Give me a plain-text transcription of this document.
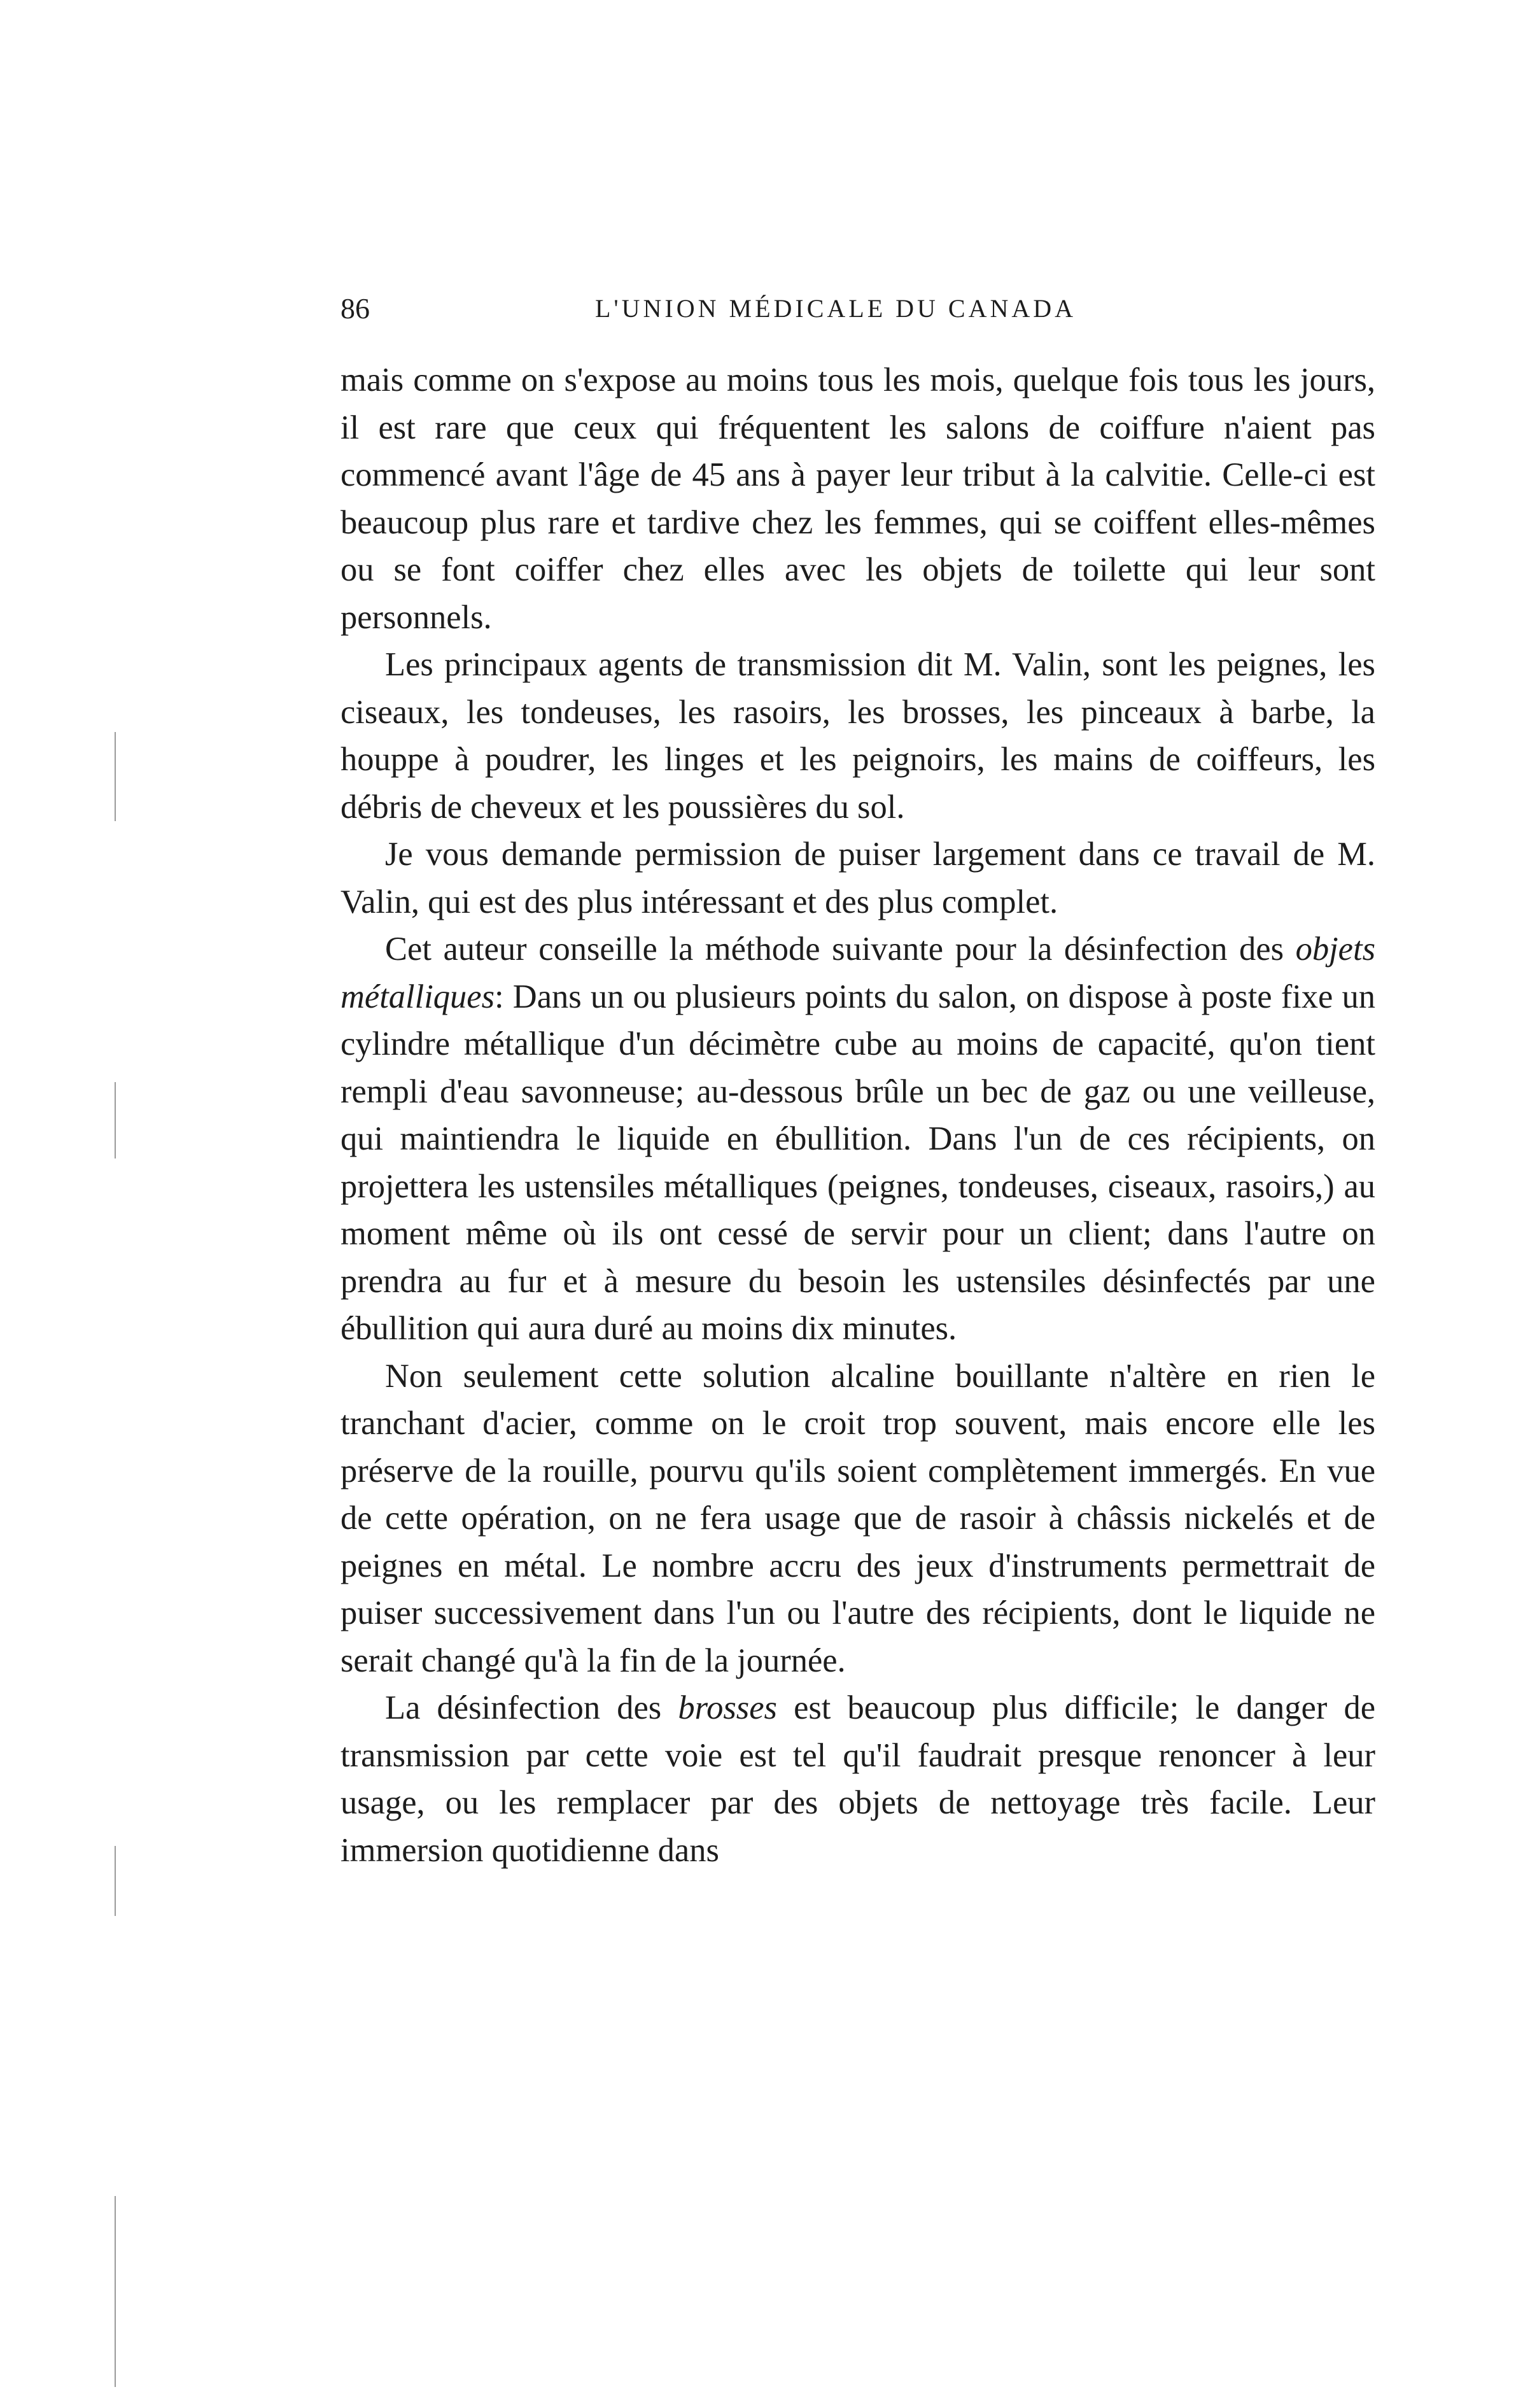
86	L'UNION MÉDICALE DU CANADA

mais comme on s'expose au moins tous les mois, quelque fois tous les jours, il est rare que ceux qui fréquentent les salons de coiffure n'aient pas commencé avant l'âge de 45 ans à payer leur tribut à la calvitie. Celle-ci est beaucoup plus rare et tardive chez les femmes, qui se coiffent elles-mêmes ou se font coiffer chez elles avec les objets de toilette qui leur sont personnels.

Les principaux agents de transmission dit M. Valin, sont les peignes, les ciseaux, les tondeuses, les rasoirs, les brosses, les pinceaux à barbe, la houppe à poudrer, les linges et les peignoirs, les mains de coiffeurs, les débris de cheveux et les poussières du sol.

Je vous demande permission de puiser largement dans ce travail de M. Valin, qui est des plus intéressant et des plus complet.

Cet auteur conseille la méthode suivante pour la désinfection des objets métalliques: Dans un ou plusieurs points du salon, on dispose à poste fixe un cylindre métallique d'un décimètre cube au moins de capacité, qu'on tient rempli d'eau savonneuse; au-dessous brûle un bec de gaz ou une veilleuse, qui maintiendra le liquide en ébullition. Dans l'un de ces récipients, on projettera les ustensiles métalliques (peignes, tondeuses, ciseaux, rasoirs,) au moment même où ils ont cessé de servir pour un client; dans l'autre on prendra au fur et à mesure du besoin les ustensiles désinfectés par une ébullition qui aura duré au moins dix minutes.

Non seulement cette solution alcaline bouillante n'altère en rien le tranchant d'acier, comme on le croit trop souvent, mais encore elle les préserve de la rouille, pourvu qu'ils soient complètement immergés. En vue de cette opération, on ne fera usage que de rasoir à châssis nickelés et de peignes en métal. Le nombre accru des jeux d'instruments permettrait de puiser successivement dans l'un ou l'autre des récipients, dont le liquide ne serait changé qu'à la fin de la journée.

La désinfection des brosses est beaucoup plus difficile; le danger de transmission par cette voie est tel qu'il faudrait presque renoncer à leur usage, ou les remplacer par des objets de nettoyage très facile. Leur immersion quotidienne dans
